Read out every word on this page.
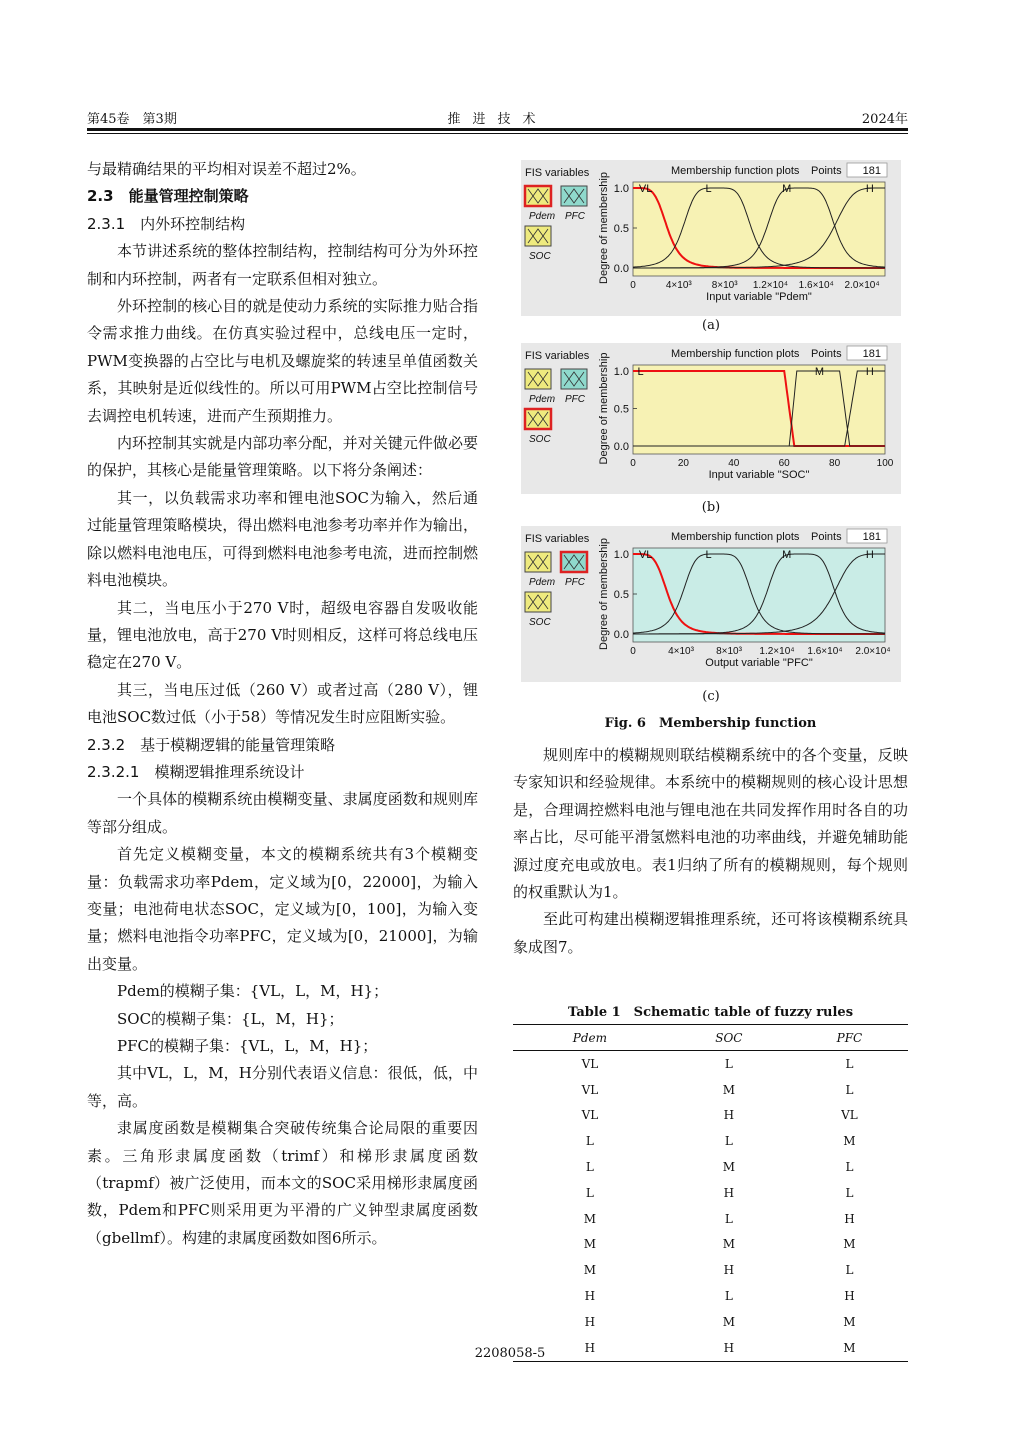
第45卷　第3期	推进技术	2024年

与最精确结果的平均相对误差不超过2%。

2.3　能量管理控制策略

2.3.1　内外环控制结构

本节讲述系统的整体控制结构，控制结构可分为外环控制和内环控制，两者有一定联系但相对独立。

外环控制的核心目的就是使动力系统的实际推力贴合指令需求推力曲线。在仿真实验过程中，总线电压一定时，PWM变换器的占空比与电机及螺旋桨的转速呈单值函数关系，其映射是近似线性的。所以可用PWM占空比控制信号去调控电机转速，进而产生预期推力。

内环控制其实就是内部功率分配，并对关键元件做必要的保护，其核心是能量管理策略。以下将分条阐述：

其一，以负载需求功率和锂电池SOC为输入，然后通过能量管理策略模块，得出燃料电池参考功率并作为输出，除以燃料电池电压，可得到燃料电池参考电流，进而控制燃料电池模块。

其二，当电压小于270 V时，超级电容器自发吸收能量，锂电池放电，高于270 V时则相反，这样可将总线电压稳定在270 V。

其三，当电压过低（260 V）或者过高（280 V），锂电池SOC数过低（小于58）等情况发生时应阻断实验。

2.3.2　基于模糊逻辑的能量管理策略

2.3.2.1　模糊逻辑推理系统设计

一个具体的模糊系统由模糊变量、隶属度函数和规则库等部分组成。

首先定义模糊变量，本文的模糊系统共有3个模糊变量：负载需求功率Pdem，定义域为[0，22000]，为输入变量；电池荷电状态SOC，定义域为[0，100]，为输入变量；燃料电池指令功率PFC，定义域为[0，21000]，为输出变量。

Pdem的模糊子集：{VL，L，M，H}；

SOC的模糊子集：{L，M，H}；

PFC的模糊子集：{VL，L，M，H}；

其中VL，L，M，H分别代表语义信息：很低，低，中等，高。

隶属度函数是模糊集合突破传统集合论局限的重要因素。三角形隶属度函数（trimf）和梯形隶属度函数（trapmf）被广泛使用，而本文的SOC采用梯形隶属度函数，Pdem和PFC则采用更为平滑的广义钟型隶属度函数（gbellmf）。构建的隶属度函数如图6所示。

规则库中的模糊规则联结模糊系统中的各个变量，反映专家知识和经验规律。本系统中的模糊规则的核心设计思想是，合理调控燃料电池与锂电池在共同发挥作用时各自的功率占比，尽可能平滑氢燃料电池的功率曲线，并避免辅助能源过度充电或放电。表1归纳了所有的模糊规则，每个规则的权重默认为1。

至此可构建出模糊逻辑推理系统，还可将该模糊系统具象成图7。

FIS variables
Pdem PFC
SOC
Membership function plots Points 181
Degree of membership 1.0
0.5
0.0
0	4×10³ 8×10³ 1.2×10⁴ 1.6×10⁴ 2.0×10⁴
Input variable "Pdem"
VL	L	M	H
(a)
FIS variables
Pdem PFC
SOC
Membership function plots Points 181
Degree of membership 1.0
0.5
0.0
0	20	40	60	80	100
Input variable "SOC"
L	M	H
(b)
FIS variables
Pdem PFC
SOC
Membership function plots Points 181
Degree of membership 1.0
0.5
0.0
0	4×10³ 8×10³ 1.2×10⁴ 1.6×10⁴ 2.0×10⁴
Output variable "PFC"
VL	L	M	H
(c)
Fig. 6　Membership function
Table 1　Schematic table of fuzzy rules
Pdem	SOC	PFC
VL	L	L
VL	M	L
VL	H	VL
L	L	M
L	M	L
L	H	L
M	L	H
M	M	M
M	H	L
H	L	H
H	M	M
H	H	M
2208058-5
